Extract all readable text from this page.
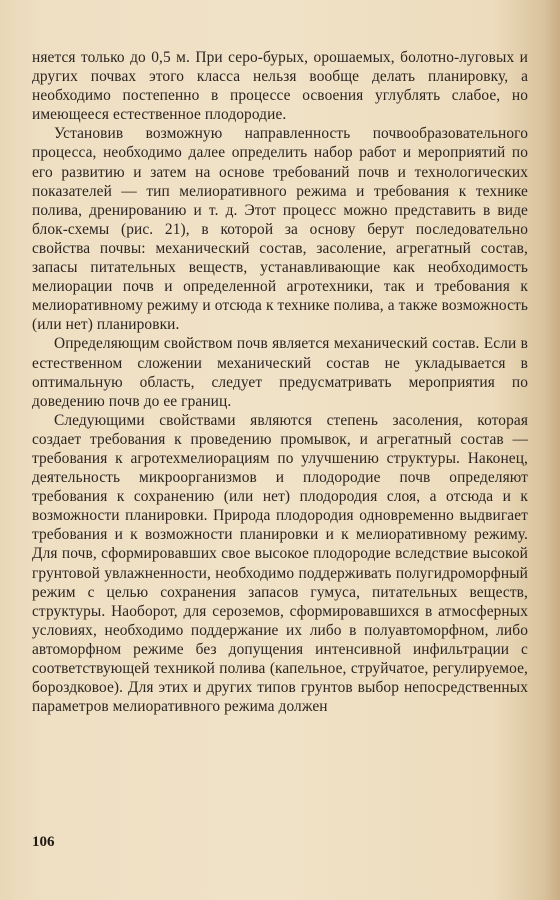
няется только до 0,5 м. При серо-бурых, орошаемых, болотно-луговых и других почвах этого класса нельзя вообще делать планировку, а необходимо постепенно в процессе освоения углублять слабое, но имеющееся естественное плодородие.

Установив возможную направленность почвообразовательного процесса, необходимо далее определить набор работ и мероприятий по его развитию и затем на основе требований почв и технологических показателей — тип мелиоративного режима и требования к технике полива, дренированию и т. д. Этот процесс можно представить в виде блок-схемы (рис. 21), в которой за основу берут последовательно свойства почвы: механический состав, засоление, агрегатный состав, запасы питательных веществ, устанавливающие как необходимость мелиорации почв и определенной агротехники, так и требования к мелиоративному режиму и отсюда к технике полива, а также возможность (или нет) планировки.

Определяющим свойством почв является механический состав. Если в естественном сложении механический состав не укладывается в оптимальную область, следует предусматривать мероприятия по доведению почв до ее границ.

Следующими свойствами являются степень засоления, которая создает требования к проведению промывок, и агрегатный состав — требования к агротехмелиорациям по улучшению структуры. Наконец, деятельность микроорганизмов и плодородие почв определяют требования к сохранению (или нет) плодородия слоя, а отсюда и к возможности планировки. Природа плодородия одновременно выдвигает требования и к возможности планировки и к мелиоративному режиму. Для почв, сформировавших свое высокое плодородие вследствие высокой грунтовой увлажненности, необходимо поддерживать полугидроморфный режим с целью сохранения запасов гумуса, питательных веществ, структуры. Наоборот, для сероземов, сформировавшихся в атмосферных условиях, необходимо поддержание их либо в полуавтоморфном, либо автоморфном режиме без допущения интенсивной инфильтрации с соответствующей техникой полива (капельное, струйчатое, регулируемое, бороздковое). Для этих и других типов грунтов выбор непосредственных параметров мелиоративного режима должен

106
